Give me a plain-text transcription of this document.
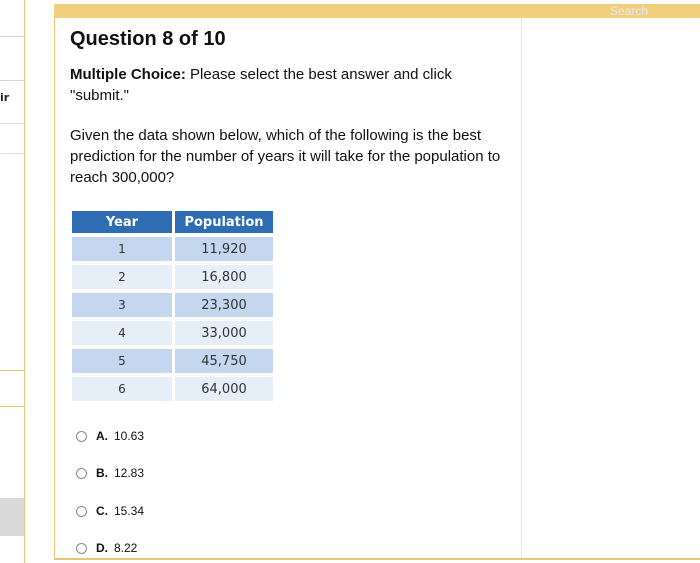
ir
Search
Question 8 of 10
Multiple Choice: Please select the best answer and click "submit."
Given the data shown below, which of the following is the best prediction for the number of years it will take for the population to reach 300,000?
Year	Population
1	11,920
2	16,800
3	23,300
4	33,000
5	45,750
6	64,000
A. 10.63
B. 12.83
C. 15.34
D. 8.22
